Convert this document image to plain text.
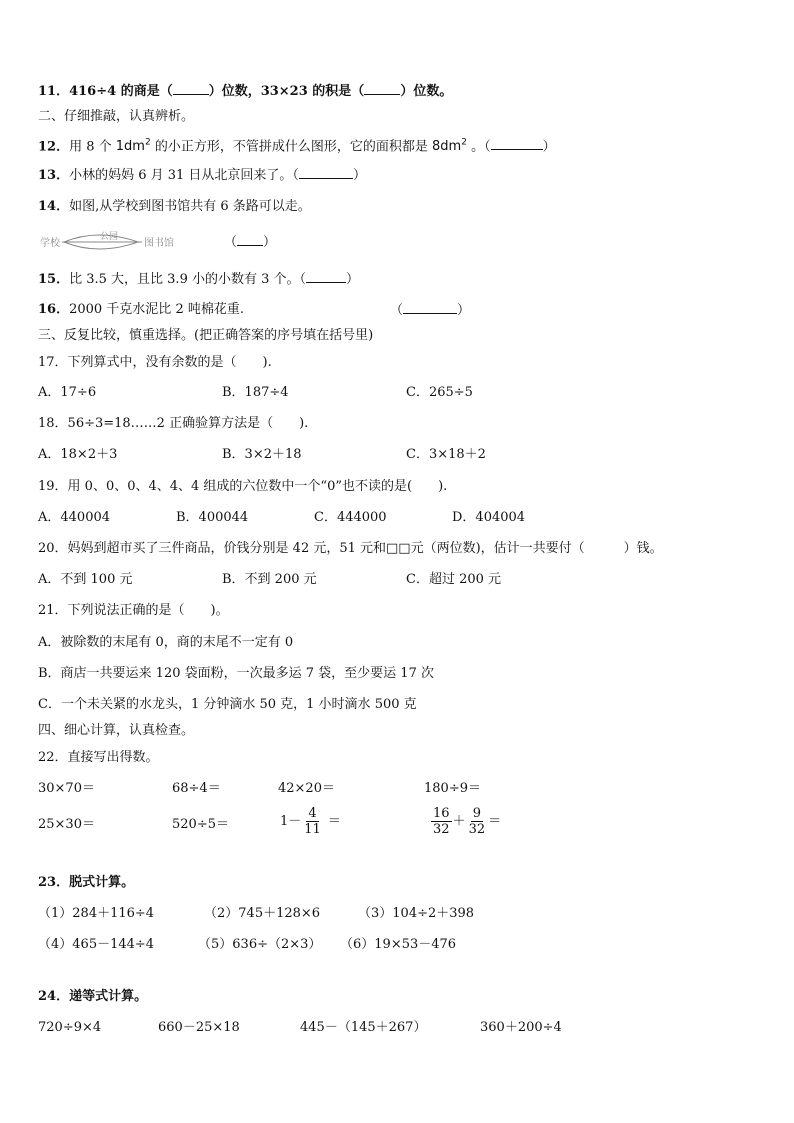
11．416÷4 的商是（	）位数，33×23 的积是（	）位数。
二、仔细推敲，认真辨析。
12．用 8 个 $1dm^2$ 的小正方形，不管拼成什么图形，它的面积都是 $8dm^2$ 。（	）
13．小林的妈妈 6 月 31 日从北京回来了。（	）
14．如图,从学校到图书馆共有 6 条路可以走。
学校
公园
图书馆	（ ）
15．比 3.5 大，且比 3.9 小的小数有 3 个。（	）
16．2000 千克水泥比 2 吨棉花重.	（	）
三、反复比较，慎重选择。(把正确答案的序号填在括号里)
17．下列算式中，没有余数的是（　　).
A．17÷6	B．187÷4	C．265÷5
18．56÷3=18……2 正确验算方法是（　　).
A．18×2＋3	B．3×2＋18	C．3×18＋2
19．用 0、0、0、4、4、4 组成的六位数中一个“0”也不读的是(　　).
A．440004	B．400044	C．444000	D．404004
20．妈妈到超市买了三件商品，价钱分别是 42 元，51 元和□□元（两位数)，估计一共要付（　　　）钱。
A．不到 100 元	B．不到 200 元	C．超过 200 元
21．下列说法正确的是（　　)。
A．被除数的末尾有 0，商的末尾不一定有 0
B．商店一共要运来 120 袋面粉，一次最多运 7 袋，至少要运 17 次
C．一个未关紧的水龙头，1 分钟滴水 50 克，1 小时滴水 500 克
四、细心计算，认真检查。
22．直接写出得数。
30×70＝	68÷4＝	42×20＝	180÷9＝
25×30＝	520÷5＝	$1- \frac{4}{11}$ ＝	$\frac{16}{32} + \frac{9}{32}$ ＝
23．脱式计算。
（1）284＋116÷4	（2）745＋128×6	（3）104÷2＋398
（4）465－144÷4	（5）636÷（2×3） （6）19×53－476
24．递等式计算。
720÷9×4	660－25×18	445－（145＋267）	360＋200÷4
